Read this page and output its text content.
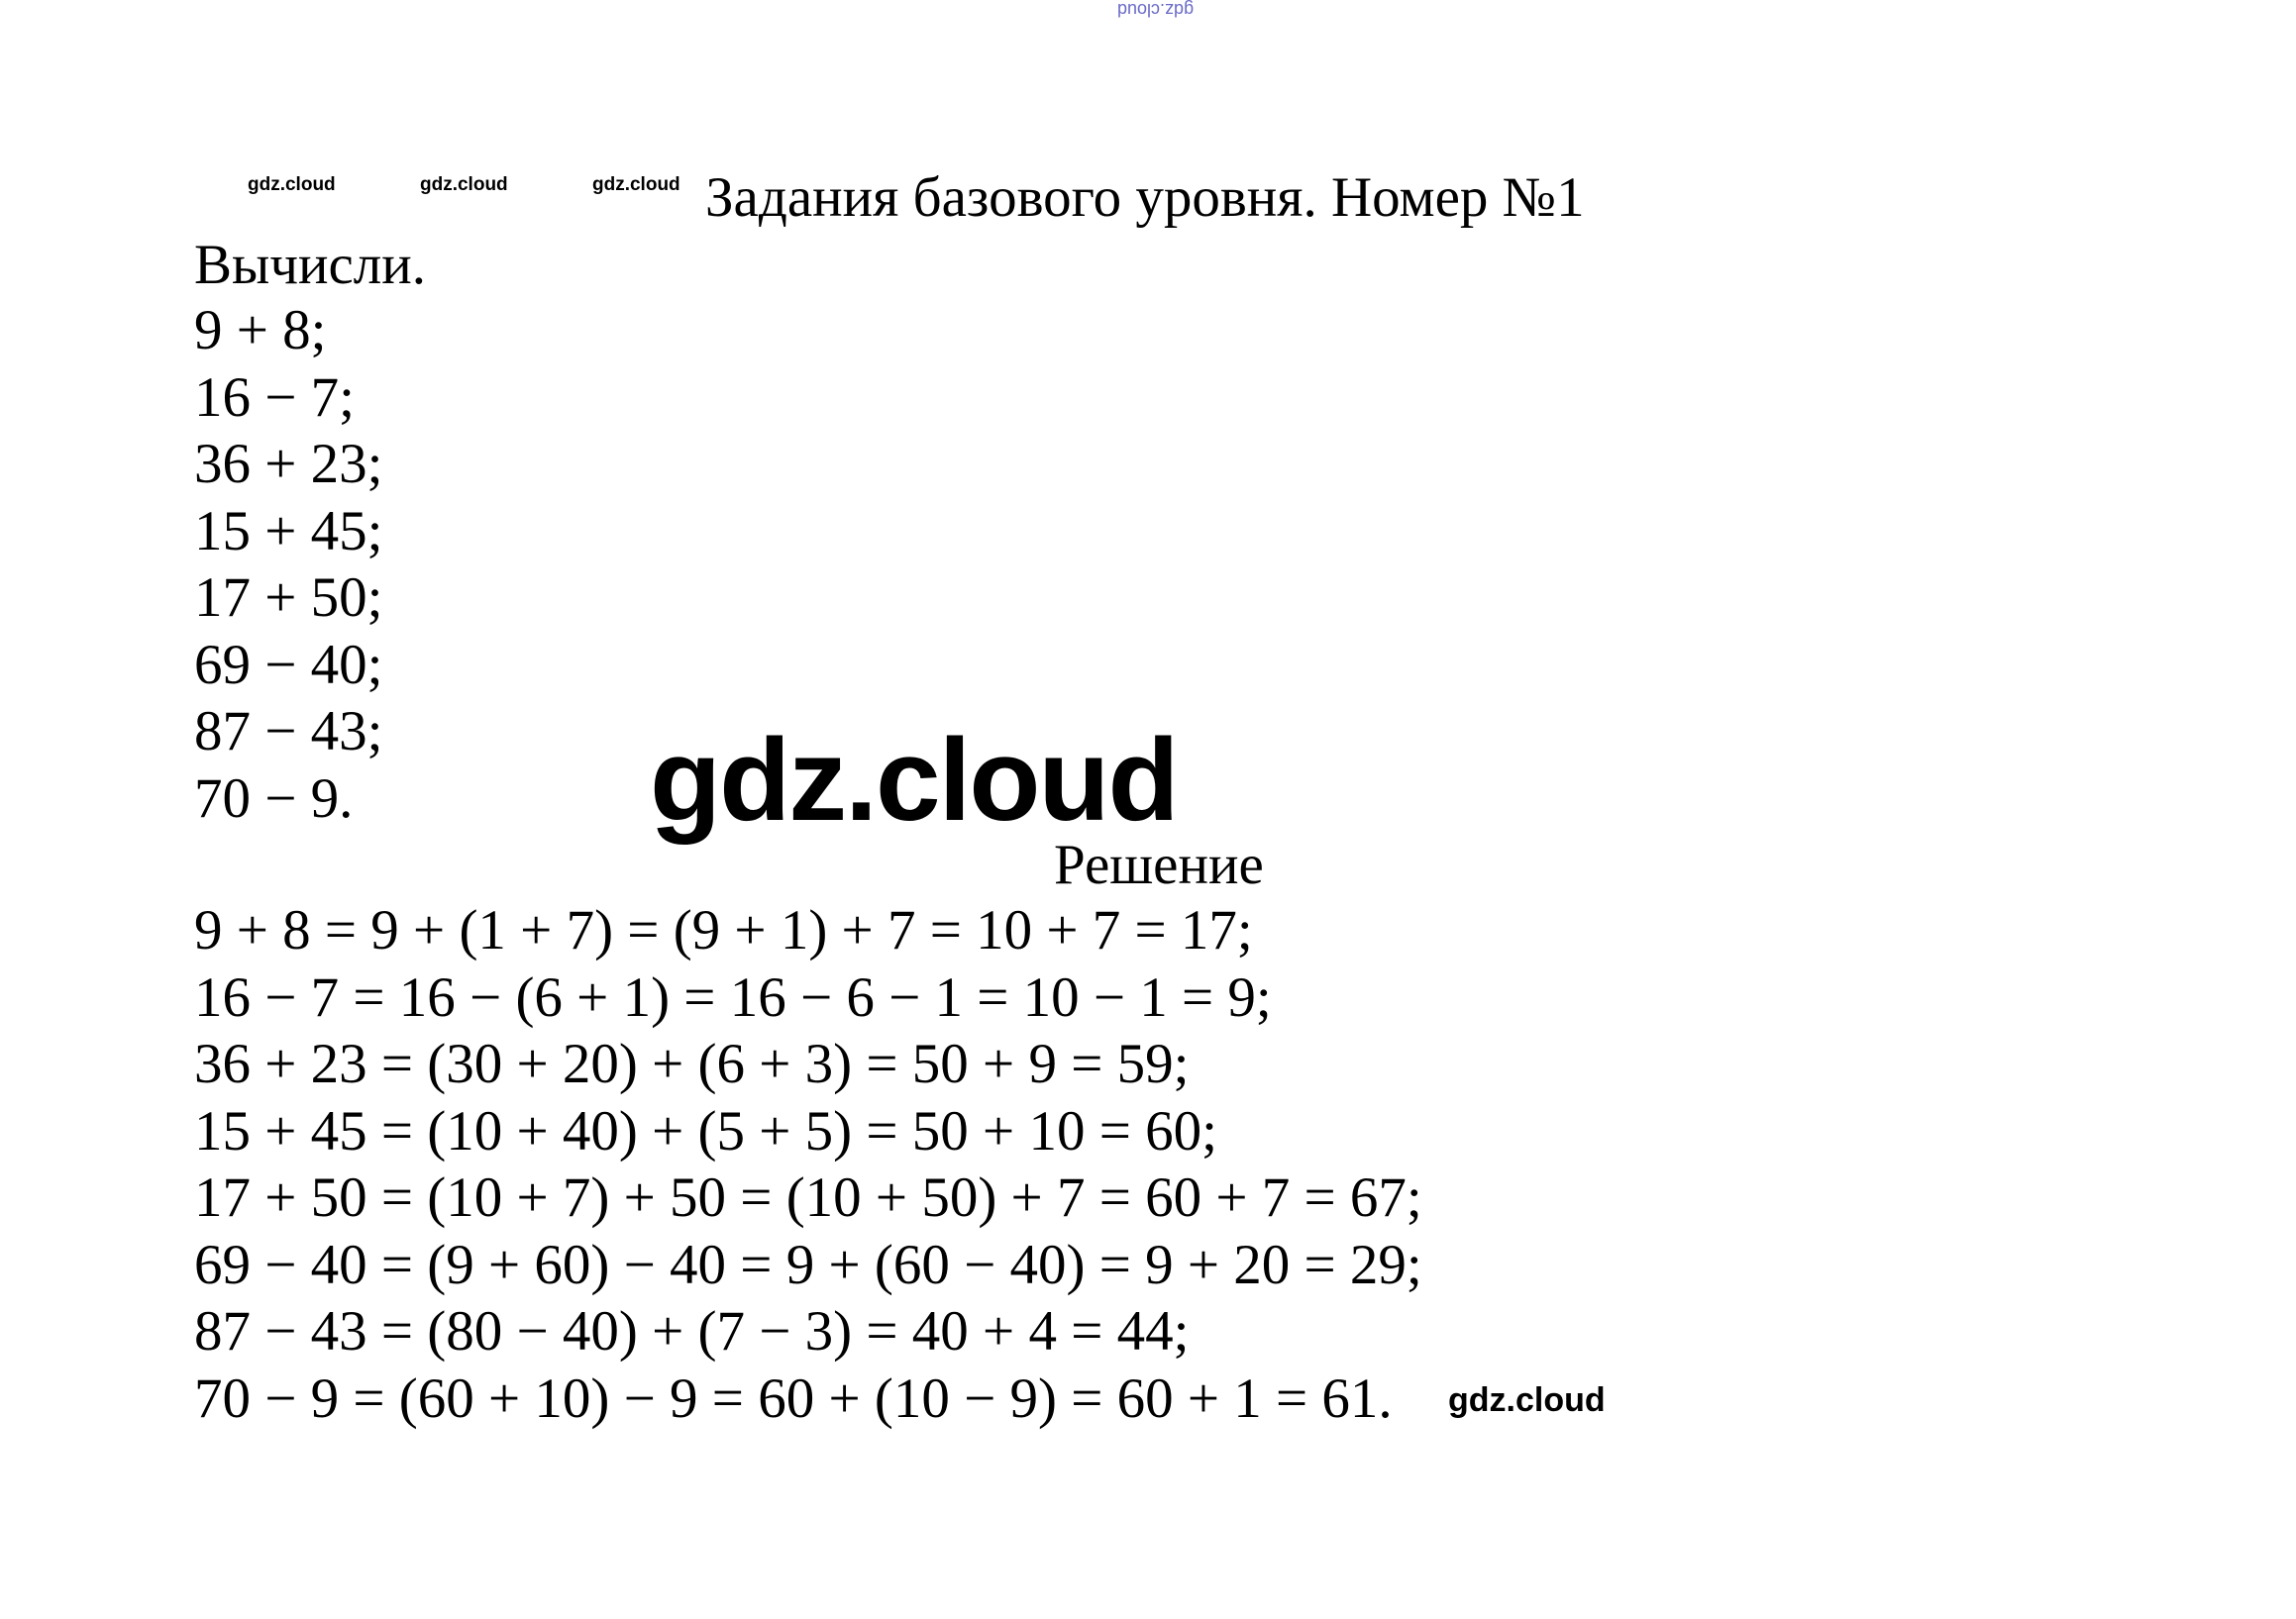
gdz.cloud
gdz.cloud	gdz.cloud	gdz.cloud Задания базового уровня. Номер №1
Вычисли.
9 + 8;
16 − 7;
36 + 23;
15 + 45;
17 + 50;
69 − 40;
87 − 43;
70 − 9.	gdz.cloud
Решение
9 + 8 = 9 + (1 + 7) = (9 + 1) + 7 = 10 + 7 = 17;
16 − 7 = 16 − (6 + 1) = 16 − 6 − 1 = 10 − 1 = 9;
36 + 23 = (30 + 20) + (6 + 3) = 50 + 9 = 59;
15 + 45 = (10 + 40) + (5 + 5) = 50 + 10 = 60;
17 + 50 = (10 + 7) + 50 = (10 + 50) + 7 = 60 + 7 = 67;
69 − 40 = (9 + 60) − 40 = 9 + (60 − 40) = 9 + 20 = 29;
87 − 43 = (80 − 40) + (7 − 3) = 40 + 4 = 44;
70 − 9 = (60 + 10) − 9 = 60 + (10 − 9) = 60 + 1 = 61.	gdz.cloud
